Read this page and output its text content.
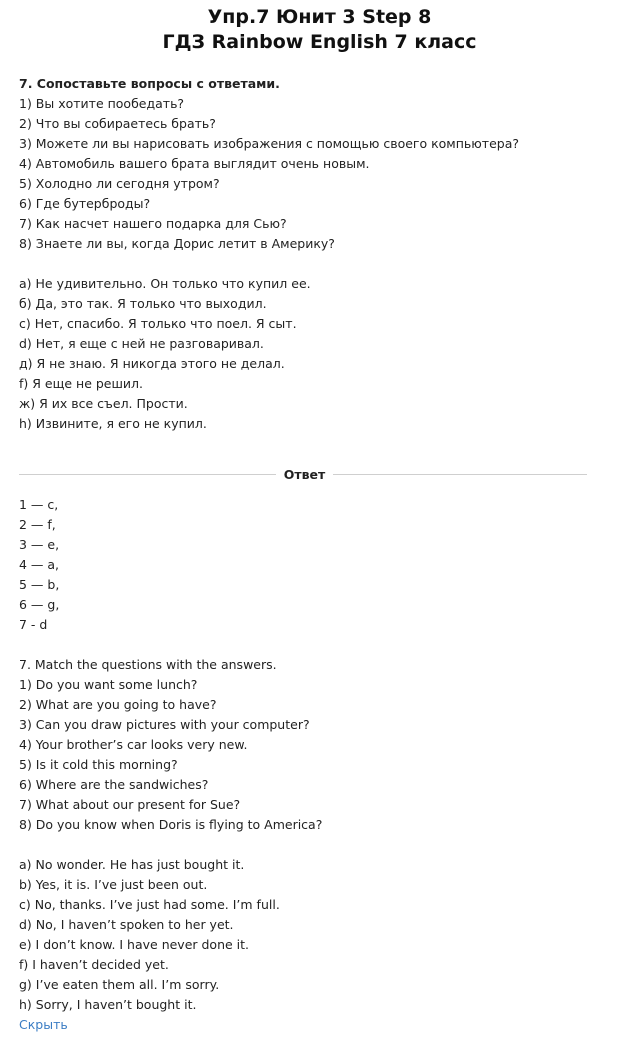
Упр.7 Юнит 3 Step 8
ГДЗ Rainbow English 7 класс
7. Сопоставьте вопросы с ответами.
1) Вы хотите пообедать?
2) Что вы собираетесь брать?
3) Можете ли вы нарисовать изображения с помощью своего компьютера?
4) Автомобиль вашего брата выглядит очень новым.
5) Холодно ли сегодня утром?
6) Где бутерброды?
7) Как насчет нашего подарка для Сью?
8) Знаете ли вы, когда Дорис летит в Америку?
а) Не удивительно. Он только что купил ее.
б) Да, это так. Я только что выходил.
c) Нет, спасибо. Я только что поел. Я сыт.
d) Нет, я еще с ней не разговаривал.
д) Я не знаю. Я никогда этого не делал.
f) Я еще не решил.
ж) Я их все съел. Прости.
h) Извините, я его не купил.
Ответ
1 — c,
2 — f,
3 — e,
4 — a,
5 — b,
6 — g,
7 - d
7. Match the questions with the answers.
1) Do you want some lunch?
2) What are you going to have?
3) Can you draw pictures with your computer?
4) Your brother’s car looks very new.
5) Is it cold this morning?
6) Where are the sandwiches?
7) What about our present for Sue?
8) Do you know when Doris is flying to America?
a) No wonder. He has just bought it.
b) Yes, it is. I’ve just been out.
c) No, thanks. I’ve just had some. I’m full.
d) No, I haven’t spoken to her yet.
e) I don’t know. I have never done it.
f) I haven’t decided yet.
g) I’ve eaten them all. I’m sorry.
h) Sorry, I haven’t bought it.
Скрыть
